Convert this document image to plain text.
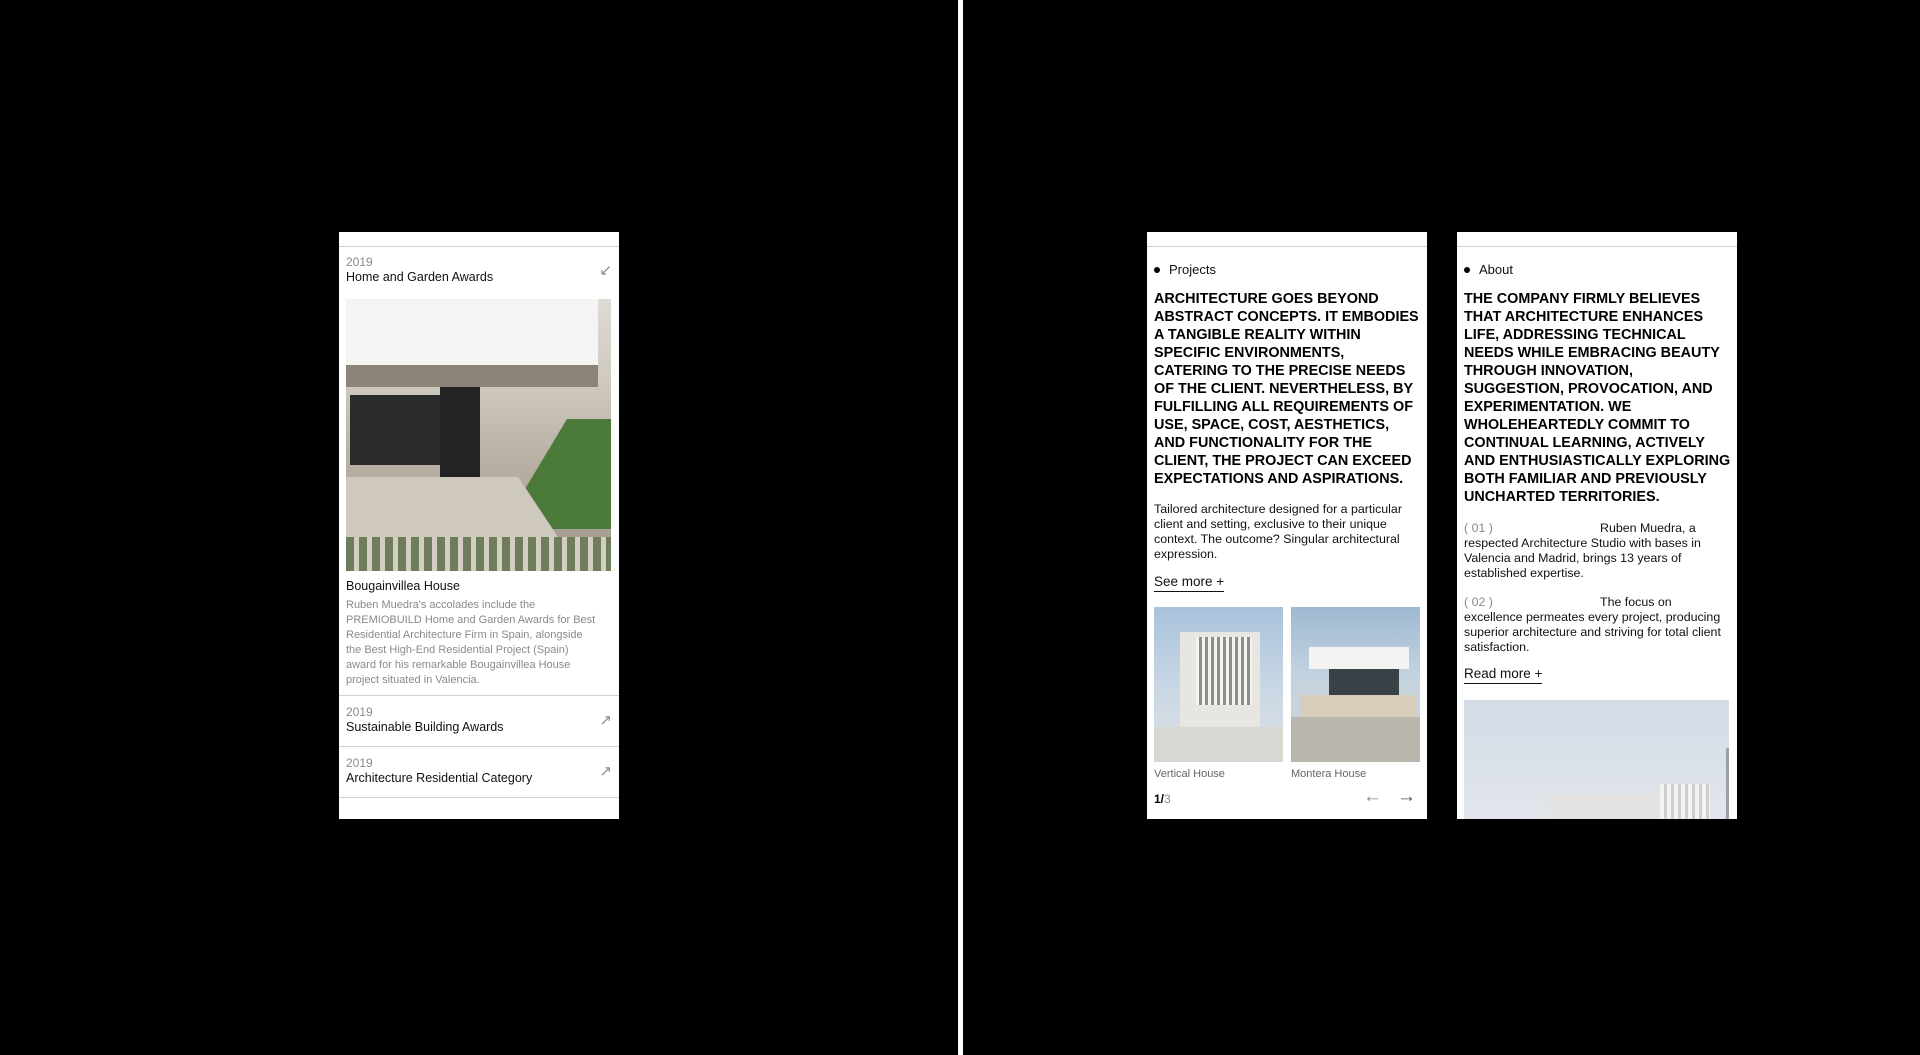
2019
Home and Garden Awards	↙
Bougainvillea House
Ruben Muedra's accolades include the PREMIOBUILD Home and Garden Awards for Best Residential Architecture Firm in Spain, alongside the Best High-End Residential Project (Spain) award for his remarkable Bougainvillea House project situated in Valencia.
2019
Sustainable Building Awards	↗
2019
Architecture Residential Category	↗
Projects
ARCHITECTURE GOES BEYOND ABSTRACT CONCEPTS. IT EMBODIES A TANGIBLE REALITY WITHIN SPECIFIC ENVIRONMENTS, CATERING TO THE PRECISE NEEDS OF THE CLIENT. NEVERTHELESS, BY FULFILLING ALL REQUIREMENTS OF USE, SPACE, COST, AESTHETICS, AND FUNCTIONALITY FOR THE CLIENT, THE PROJECT CAN EXCEED EXPECTATIONS AND ASPIRATIONS.
Tailored architecture designed for a particular client and setting, exclusive to their unique context. The outcome? Singular architectural expression.
See more +
Vertical House	Montera House
1/3	← →
About
THE COMPANY FIRMLY BELIEVES THAT ARCHITECTURE ENHANCES LIFE, ADDRESSING TECHNICAL NEEDS WHILE EMBRACING BEAUTY THROUGH INNOVATION, SUGGESTION, PROVOCATION, AND EXPERIMENTATION. WE WHOLEHEARTEDLY COMMIT TO CONTINUAL LEARNING, ACTIVELY AND ENTHUSIASTICALLY EXPLORING BOTH FAMILIAR AND PREVIOUSLY UNCHARTED TERRITORIES.
( 01 )	Ruben Muedra, a respected Architecture Studio with bases in Valencia and Madrid, brings 13 years of established expertise.
( 02 )	The focus on excellence permeates every project, producing superior architecture and striving for total client satisfaction.
Read more +
